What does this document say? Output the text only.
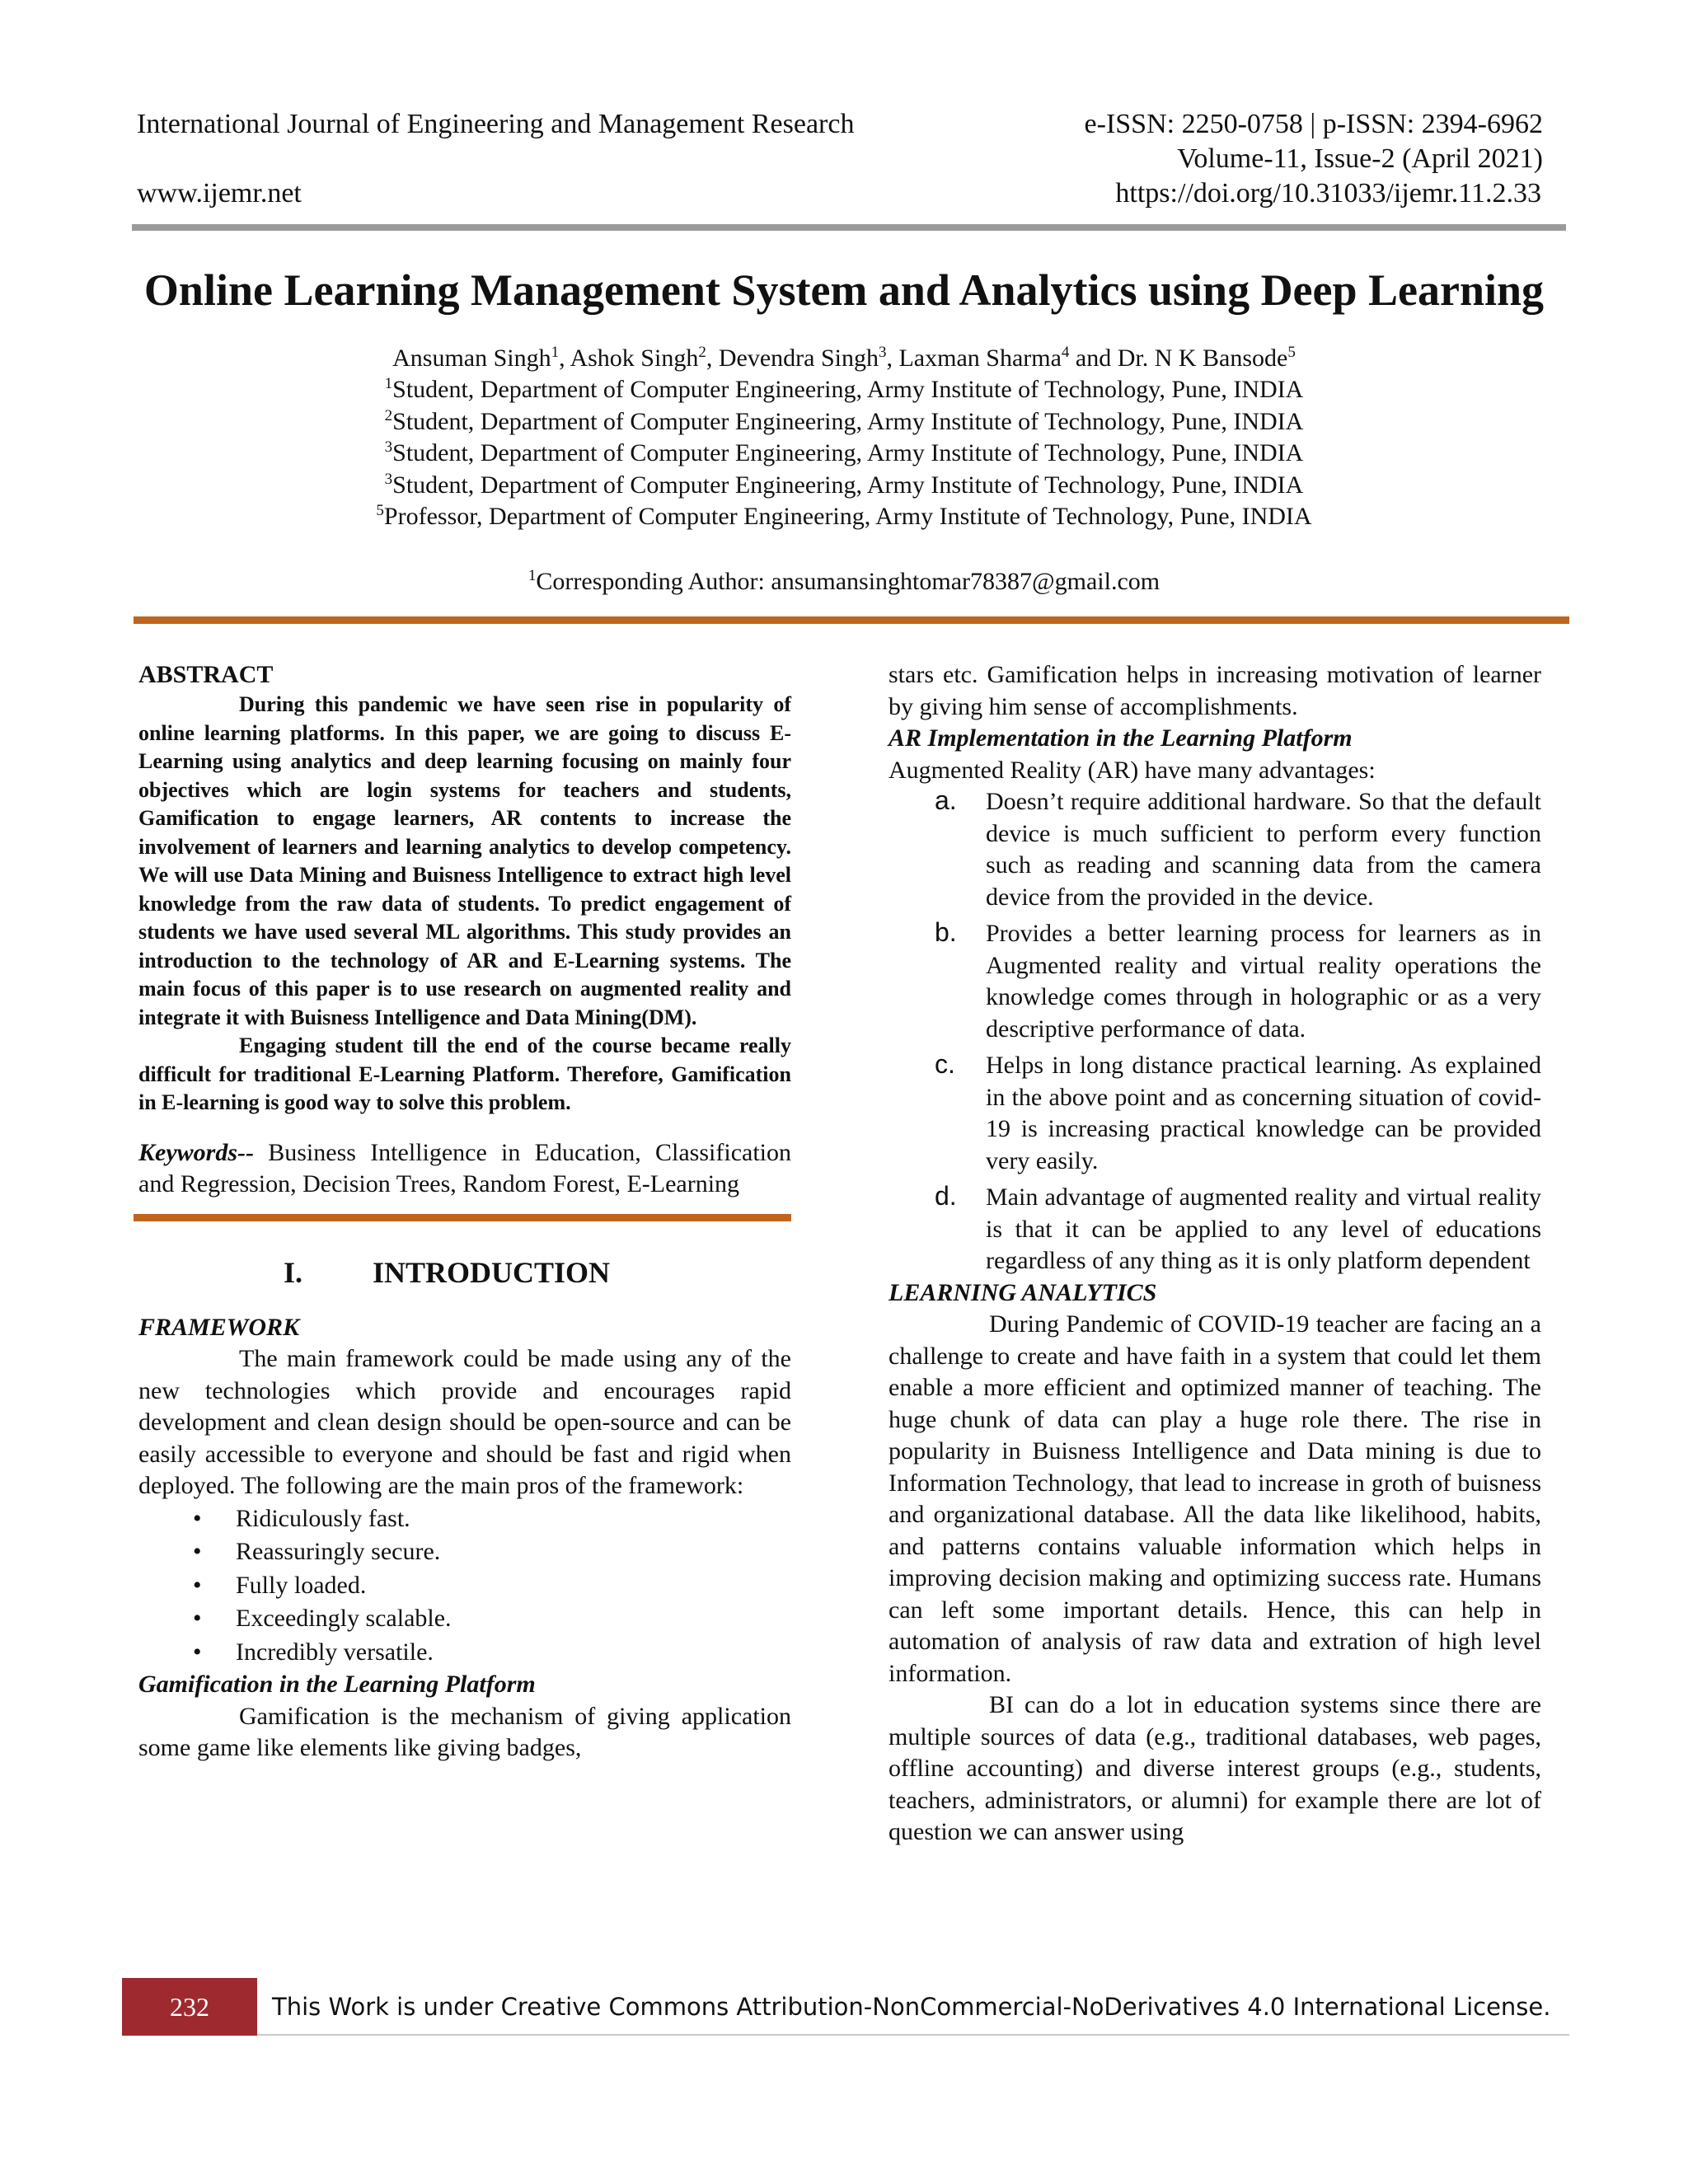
International Journal of Engineering and Management Research
www.ijemr.net
e-ISSN: 2250-0758 | p-ISSN: 2394-6962
Volume-11, Issue-2 (April 2021)
https://doi.org/10.31033/ijemr.11.2.33
Online Learning Management System and Analytics using Deep Learning
Ansuman Singh$^1$, Ashok Singh$^2$, Devendra Singh$^3$, Laxman Sharma$^4$ and Dr. N K Bansode$^5$
$^1$Student, Department of Computer Engineering, Army Institute of Technology, Pune, INDIA
$^2$Student, Department of Computer Engineering, Army Institute of Technology, Pune, INDIA
$^3$Student, Department of Computer Engineering, Army Institute of Technology, Pune, INDIA
$^3$Student, Department of Computer Engineering, Army Institute of Technology, Pune, INDIA
$^5$Professor, Department of Computer Engineering, Army Institute of Technology, Pune, INDIA
$^1$Corresponding Author: ansumansinghtomar78387@gmail.com
ABSTRACT

During this pandemic we have seen rise in popularity of online learning platforms. In this paper, we are going to discuss E-Learning using analytics and deep learning focusing on mainly four objectives which are login systems for teachers and students, Gamification to engage learners, AR contents to increase the involvement of learners and learning analytics to develop competency. We will use Data Mining and Buisness Intelligence to extract high level knowledge from the raw data of students. To predict engagement of students we have used several ML algorithms. This study provides an introduction to the technology of AR and E-Learning systems. The main focus of this paper is to use research on augmented reality and integrate it with Buisness Intelligence and Data Mining(DM).

Engaging student till the end of the course became really difficult for traditional E-Learning Platform. Therefore, Gamification in E-learning is good way to solve this problem.

Keywords-- Business Intelligence in Education, Classification and Regression, Decision Trees, Random Forest, E-Learning

I. INTRODUCTION
FRAMEWORK

The main framework could be made using any of the new technologies which provide and encourages rapid development and clean design should be open-source and can be easily accessible to everyone and should be fast and rigid when deployed. The following are the main pros of the framework:

• Ridiculously fast.
• Reassuringly secure.
• Fully loaded.
• Exceedingly scalable.
• Incredibly versatile.
Gamification in the Learning Platform

Gamification is the mechanism of giving application some game like elements like giving badges,

stars etc. Gamification helps in increasing motivation of learner by giving him sense of accomplishments.

AR Implementation in the Learning Platform

Augmented Reality (AR) have many advantages:

a. Doesn’t require additional hardware. So that the default device is much sufficient to perform every function such as reading and scanning data from the camera device from the provided in the device.
b. Provides a better learning process for learners as in Augmented reality and virtual reality operations the knowledge comes through in holographic or as a very descriptive performance of data.
c. Helps in long distance practical learning. As explained in the above point and as concerning situation of covid-19 is increasing practical knowledge can be provided very easily.
d. Main advantage of augmented reality and virtual reality is that it can be applied to any level of educations regardless of any thing as it is only platform dependent
LEARNING ANALYTICS

During Pandemic of COVID-19 teacher are facing an a challenge to create and have faith in a system that could let them enable a more efficient and optimized manner of teaching. The huge chunk of data can play a huge role there. The rise in popularity in Buisness Intelligence and Data mining is due to Information Technology, that lead to increase in groth of buisness and organizational database. All the data like likelihood, habits, and patterns contains valuable information which helps in improving decision making and optimizing success rate. Humans can left some important details. Hence, this can help in automation of analysis of raw data and extration of high level information.

BI can do a lot in education systems since there are multiple sources of data (e.g., traditional databases, web pages, offline accounting) and diverse interest groups (e.g., students, teachers, administrators, or alumni) for example there are lot of question we can answer using

232	This Work is under Creative Commons Attribution-NonCommercial-NoDerivatives 4.0 International License.
